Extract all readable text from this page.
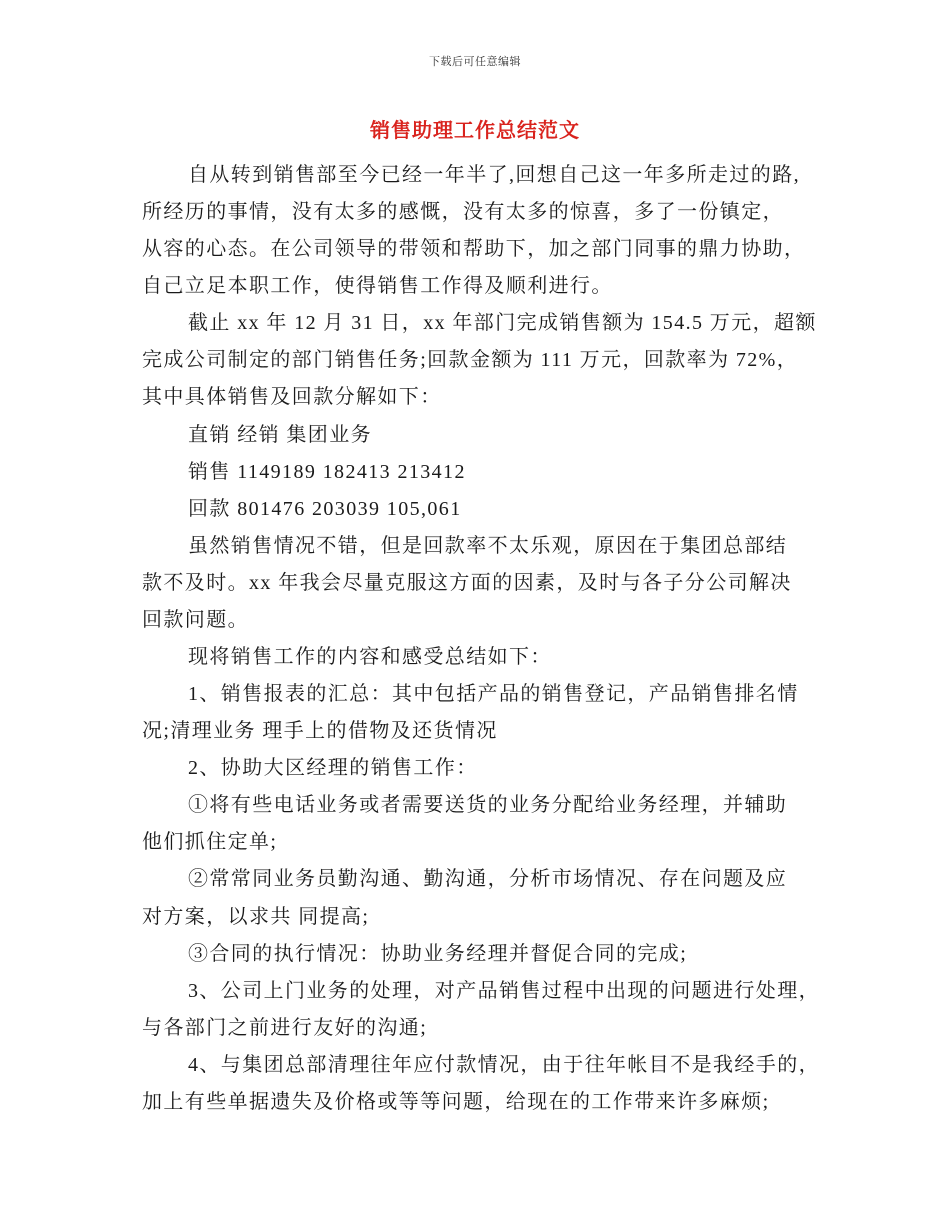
下载后可任意编辑
销售助理工作总结范文
自从转到销售部至今已经一年半了,回想自己这一年多所走过的路,
所经历的事情，没有太多的感慨，没有太多的惊喜，多了一份镇定，
从容的心态。在公司领导的带领和帮助下，加之部门同事的鼎力协助，
自己立足本职工作，使得销售工作得及顺利进行。
截止 xx 年 12 月 31 日，xx 年部门完成销售额为 154.5 万元，超额
完成公司制定的部门销售任务;回款金额为 111 万元，回款率为 72%，
其中具体销售及回款分解如下：
直销 经销 集团业务
销售 1149189 182413 213412
回款 801476 203039 105,061
虽然销售情况不错，但是回款率不太乐观，原因在于集团总部结
款不及时。xx 年我会尽量克服这方面的因素，及时与各子分公司解决
回款问题。
现将销售工作的内容和感受总结如下：
1、销售报表的汇总：其中包括产品的销售登记，产品销售排名情
况;清理业务 理手上的借物及还货情况
2、协助大区经理的销售工作：
①将有些电话业务或者需要送货的业务分配给业务经理，并辅助
他们抓住定单;
②常常同业务员勤沟通、勤沟通，分析市场情况、存在问题及应
对方案，以求共 同提高;
③合同的执行情况：协助业务经理并督促合同的完成;
3、公司上门业务的处理，对产品销售过程中出现的问题进行处理，
与各部门之前进行友好的沟通;
4、与集团总部清理往年应付款情况，由于往年帐目不是我经手的，
加上有些单据遗失及价格或等等问题，给现在的工作带来许多麻烦;
